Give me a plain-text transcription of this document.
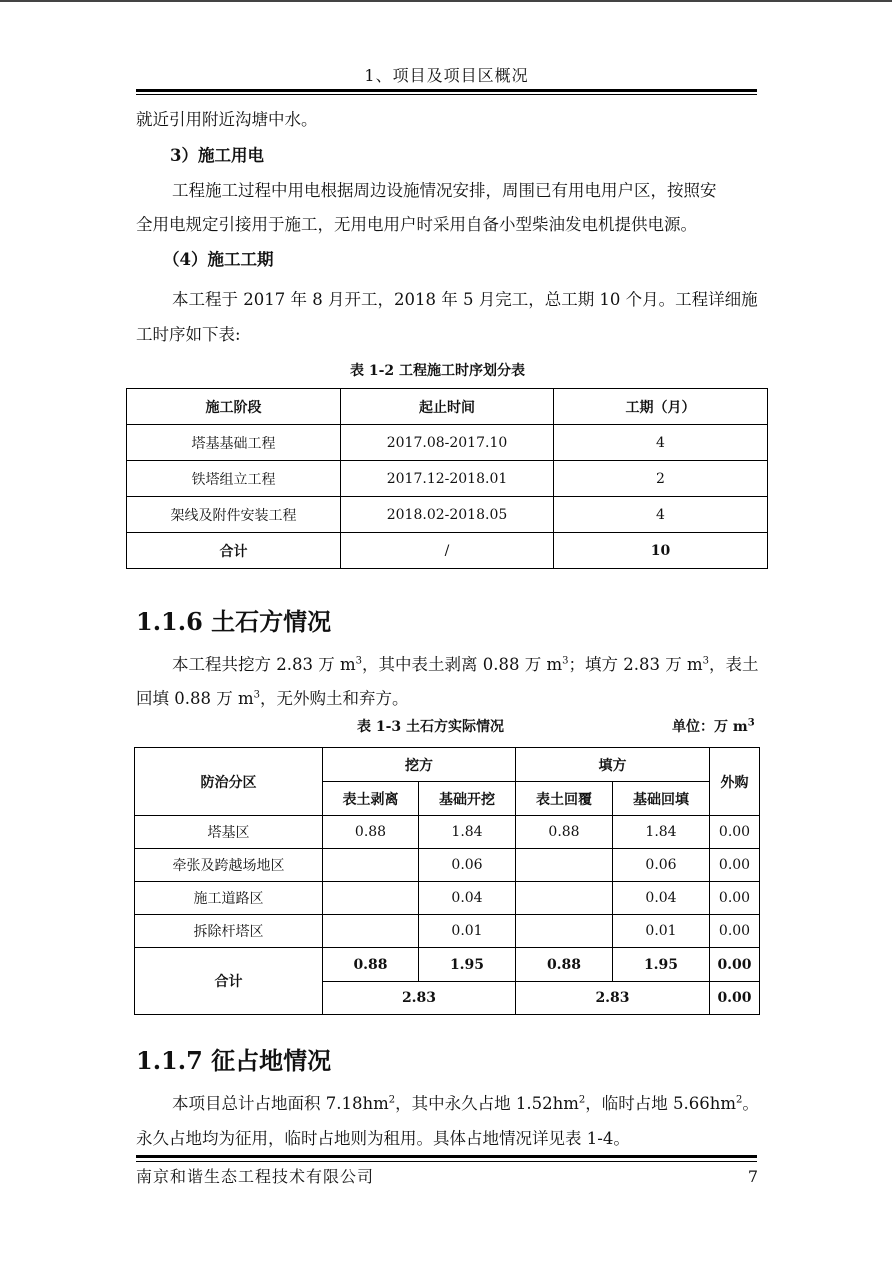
1、项目及项目区概况
就近引用附近沟塘中水。
3）施工用电
工程施工过程中用电根据周边设施情况安排，周围已有用电用户区，按照安
全用电规定引接用于施工，无用电用户时采用自备小型柴油发电机提供电源。
（4）施工工期
本工程于 2017 年 8 月开工，2018 年 5 月完工，总工期 10 个月。工程详细施
工时序如下表:
表 1-2 工程施工时序划分表
施工阶段	起止时间	工期（月）
塔基基础工程	2017.08-2017.10	4
铁塔组立工程	2017.12-2018.01	2
架线及附件安装工程	2018.02-2018.05	4
合计	/	10
1.1.6 土石方情况
本工程共挖方 2.83 万 $m^3$，其中表土剥离 0.88 万 $m^3$；填方 2.83 万 $m^3$，表土
回填 0.88 万 $m^3$，无外购土和弃方。
表 1-3 土石方实际情况	单位：万 $m^3$
防治分区	挖方		填方		外购
	表土剥离	基础开挖	表土回覆	基础回填	
塔基区	0.88	1.84	0.88	1.84	0.00
牵张及跨越场地区		0.06		0.06	0.00
施工道路区		0.04		0.04	0.00
拆除杆塔区		0.01		0.01	0.00
合计	0.88	1.95	0.88	1.95	0.00
	2.83		2.83		0.00
1.1.7 征占地情况
本项目总计占地面积 $7.18hm^2$，其中永久占地 $1.52hm^2$，临时占地 $5.66hm^2$。
永久占地均为征用，临时占地则为租用。具体占地情况详见表 1-4。
南京和谐生态工程技术有限公司	7
